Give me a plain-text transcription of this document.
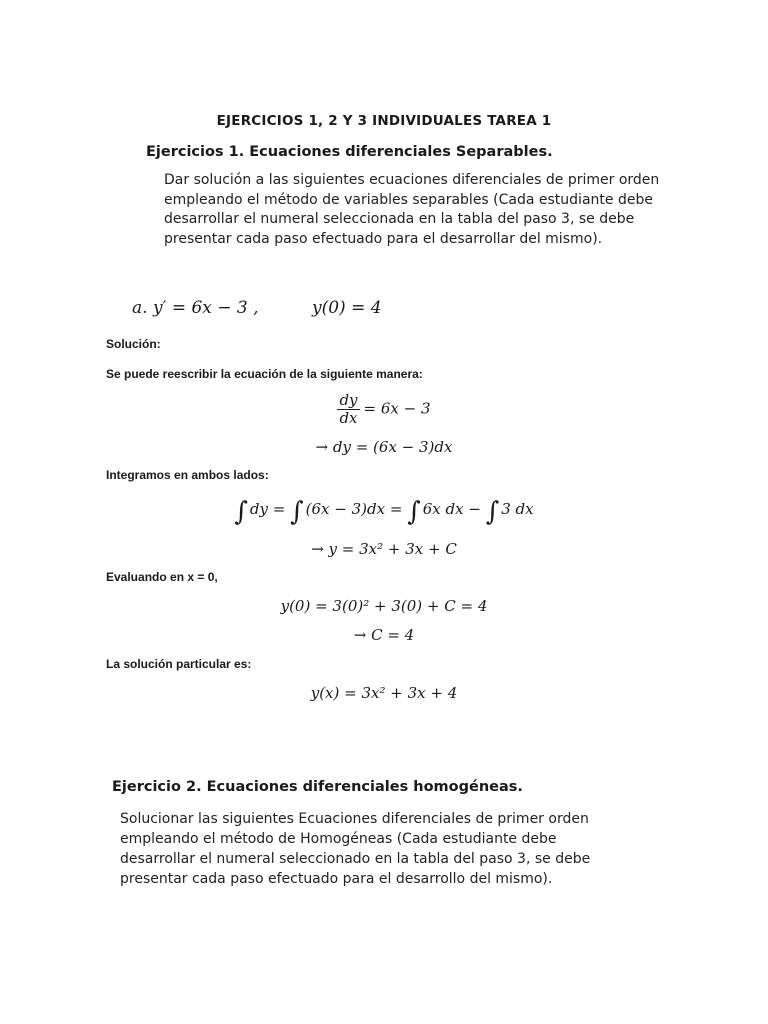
EJERCICIOS 1, 2 Y 3 INDIVIDUALES TAREA 1
Ejercicios 1. Ecuaciones diferenciales Separables.
Dar solución a las siguientes ecuaciones diferenciales de primer orden
empleando el método de variables separables (Cada estudiante debe
desarrollar el numeral seleccionada en la tabla del paso 3, se debe
presentar cada paso efectuado para el desarrollar del mismo).
a. y′ = 6x − 3 ,	y(0) = 4
Solución:
Se puede reescribir la ecuación de la siguiente manera:
$\frac{dy}{dx} = 6x - 3$
→ dy = (6x − 3)dx
Integramos en ambos lados:
∫ dy = ∫ (6x − 3)dx = ∫ 6x dx − ∫ 3 dx
→ y = 3x² + 3x + C
Evaluando en x = 0,
y(0) = 3(0)² + 3(0) + C = 4
→ C = 4
La solución particular es:
y(x) = 3x² + 3x + 4
Ejercicio 2. Ecuaciones diferenciales homogéneas.
Solucionar las siguientes Ecuaciones diferenciales de primer orden
empleando el método de Homogéneas (Cada estudiante debe
desarrollar el numeral seleccionado en la tabla del paso 3, se debe
presentar cada paso efectuado para el desarrollo del mismo).
